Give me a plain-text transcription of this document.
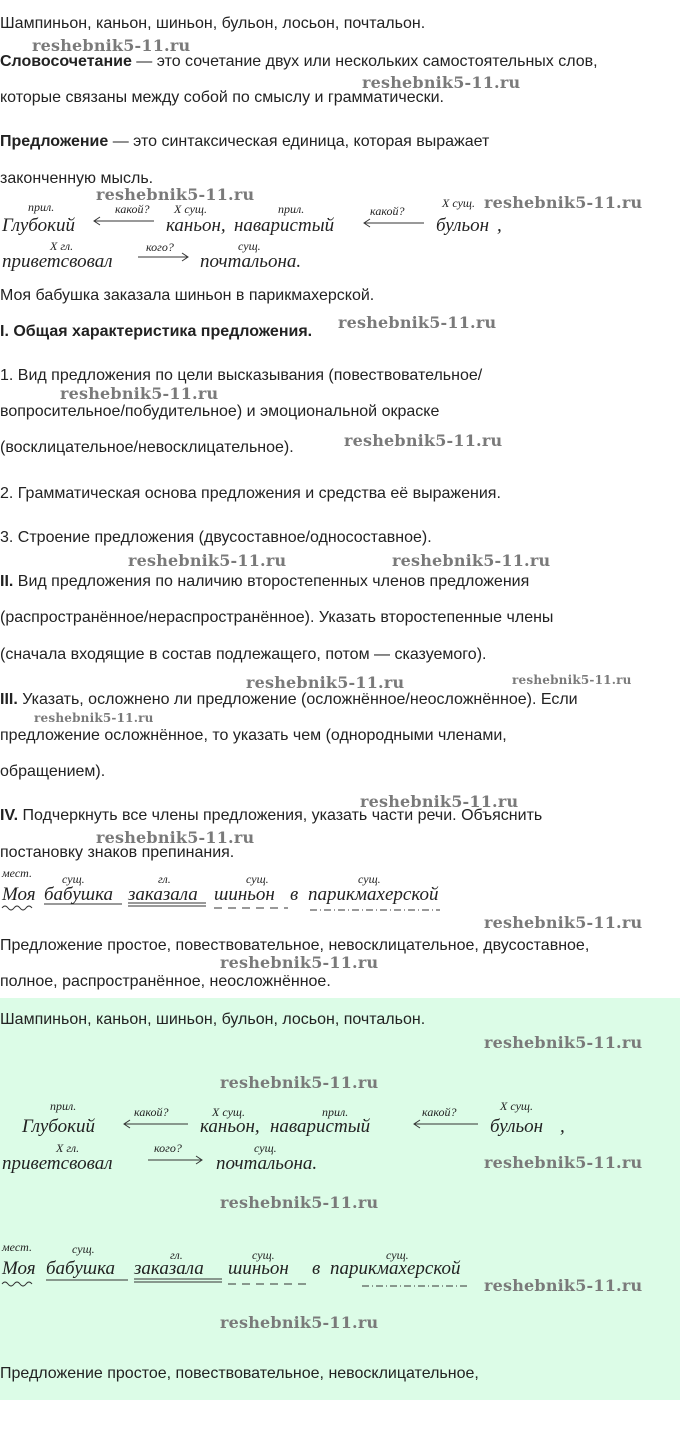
Шампиньон, каньон, шиньон, бульон, лосьон, почтальон.
reshebnik5-11.ru
Словосочетание — это сочетание двух или нескольких самостоятельных слов,
reshebnik5-11.ru
которые связаны между собой по смыслу и грамматически.
Предложение — это синтаксическая единица, которая выражает
законченную мысль.
reshebnik5-11.ru	reshebnik5-11.ru
прил.	какой? X сущ.	прил.	какой?
X сущ.
Глубокий	каньон, наваристый	бульон ,
X гл.	кого?	сущ.
приветсвовал	почтальона.
Моя бабушка заказала шиньон в парикмахерской.
I. Общая характеристика предложения. reshebnik5-11.ru
1. Вид предложения по цели высказывания (повествовательное/
reshebnik5-11.ru
вопросительное/побудительное) и эмоциональной окраске
(восклицательное/невосклицательное).	reshebnik5-11.ru
2. Грамматическая основа предложения и средства её выражения.
3. Строение предложения (двусоставное/односоставное).
reshebnik5-11.ru	reshebnik5-11.ru
II. Вид предложения по наличию второстепенных членов предложения
(распространённое/нераспространённое). Указать второстепенные члены
(сначала входящие в состав подлежащего, потом — сказуемого).
reshebnik5-11.ru	reshebnik5-11.ru
III. Указать, осложнено ли предложение (осложнённое/неосложнённое). Если
reshebnik5-11.ru
предложение осложнённое, то указать чем (однородными членами,
обращением).
reshebnik5-11.ru
IV. Подчеркнуть все члены предложения, указать части речи. Объяснить
reshebnik5-11.ru
постановку знаков препинания.
мест.	сущ.	гл.	сущ.	сущ.
Моя бабушка заказала шиньон в парикмахерской
reshebnik5-11.ru
Предложение простое, повествовательное, невосклицательное, двусоставное,
reshebnik5-11.ru
полное, распространённое, неосложнённое.
Шампиньон, каньон, шиньон, бульон, лосьон, почтальон.
reshebnik5-11.ru
reshebnik5-11.ru
прил.	какой?	X сущ.	прил.	какой?	X сущ.
Глубокий	каньон, наваристый	бульон ,
X гл.	кого?	сущ.
приветсвовал	почтальона.	reshebnik5-11.ru
reshebnik5-11.ru
мест.	сущ.	гл.	сущ.	сущ.
Моя бабушка заказала шиньон в парикмахерской
reshebnik5-11.ru
reshebnik5-11.ru
Предложение простое, повествовательное, невосклицательное,
